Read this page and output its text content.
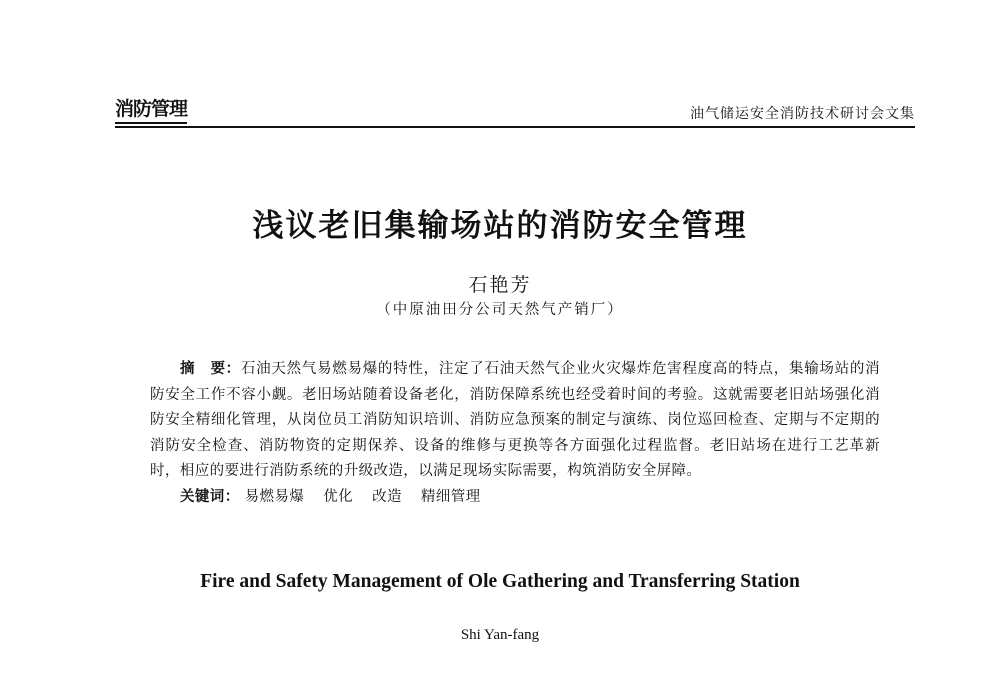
消防管理	油气储运安全消防技术研讨会文集
浅议老旧集输场站的消防安全管理
石艳芳
（中原油田分公司天然气产销厂）

摘　要：石油天然气易燃易爆的特性，注定了石油天然气企业火灾爆炸危害程度高的特点，集输场站的消防安全工作不容小觑。老旧场站随着设备老化，消防保障系统也经受着时间的考验。这就需要老旧站场强化消防安全精细化管理，从岗位员工消防知识培训、消防应急预案的制定与演练、岗位巡回检查、定期与不定期的消防安全检查、消防物资的定期保养、设备的维修与更换等各方面强化过程监督。老旧站场在进行工艺革新时，相应的要进行消防系统的升级改造，以满足现场实际需要，构筑消防安全屏障。

关键词： 易燃易爆 优化 改造 精细管理
Fire and Safety Management of Ole Gathering and Transferring Station
Shi Yan-fang
